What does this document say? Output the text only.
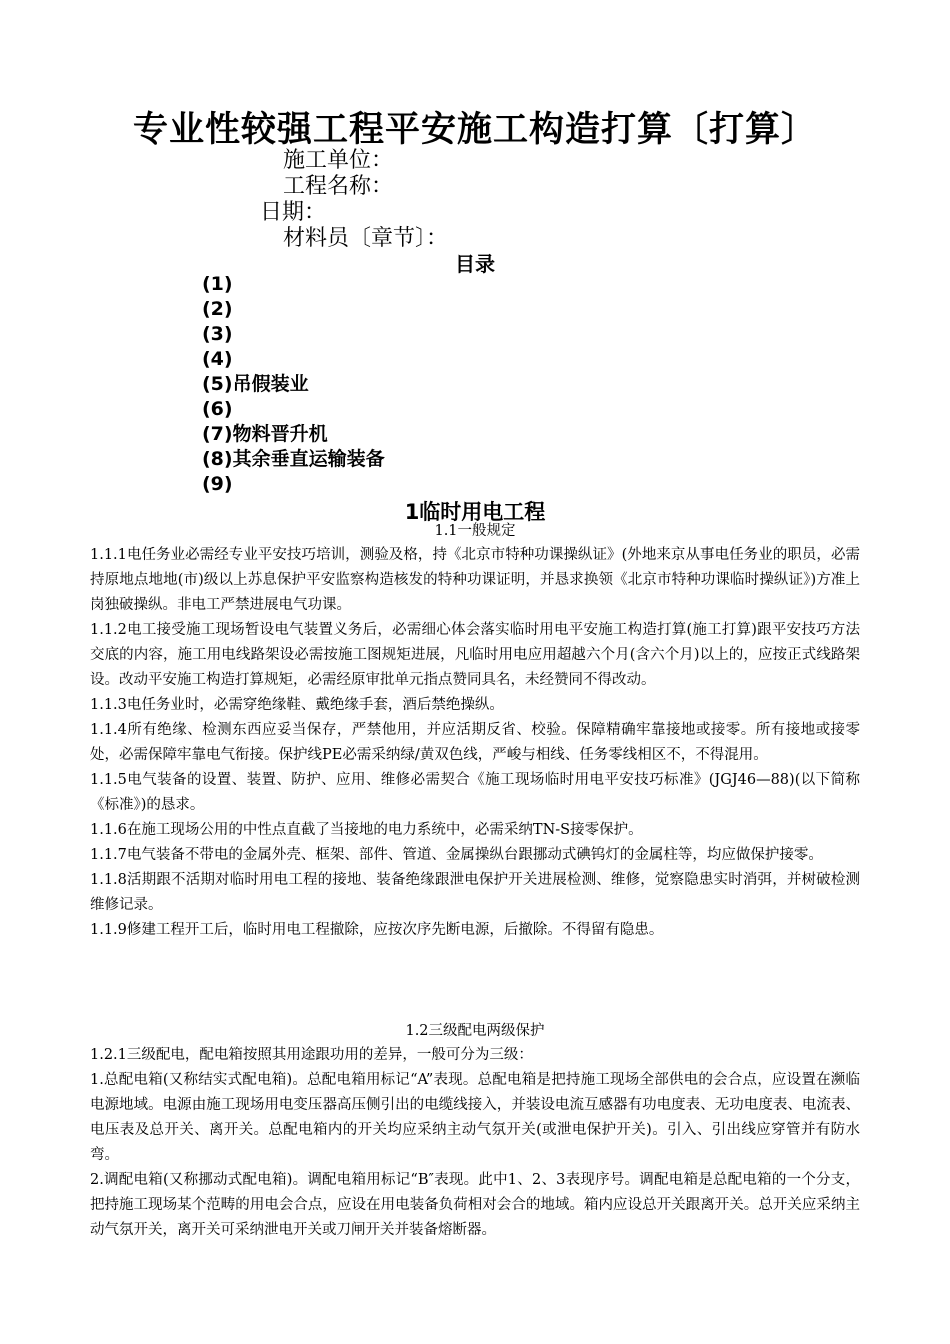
专业性较强工程平安施工构造打算〔打算〕
施工单位：
工程名称：
日期：
材料员〔章节〕：
目录
(1)
(2)
(3)
(4)
(5)吊假装业
(6)
(7)物料晋升机
(8)其余垂直运输装备
(9)
1临时用电工程
1.1一般规定

1.1.1电任务业必需经专业平安技巧培训，测验及格，持《北京市特种功课操纵证》(外地来京从事电任务业的职员，必需持原地点地地(市)级以上苏息保护平安监察构造核发的特种功课证明，并恳求换领《北京市特种功课临时操纵证》)方准上岗独破操纵。非电工严禁进展电气功课。

1.1.2电工接受施工现场暂设电气装置义务后，必需细心体会落实临时用电平安施工构造打算(施工打算)跟平安技巧方法交底的内容，施工用电线路架设必需按施工图规矩进展，凡临时用电应用超越六个月(含六个月)以上的，应按正式线路架设。改动平安施工构造打算规矩，必需经原审批单元指点赞同具名，未经赞同不得改动。

1.1.3电任务业时，必需穿绝缘鞋、戴绝缘手套，酒后禁绝操纵。

1.1.4所有绝缘、检测东西应妥当保存，严禁他用，并应活期反省、校验。保障精确牢靠接地或接零。所有接地或接零处，必需保障牢靠电气衔接。保护线PE必需采纳绿/黄双色线，严峻与相线、任务零线相区不，不得混用。

1.1.5电气装备的设置、装置、防护、应用、维修必需契合《施工现场临时用电平安技巧标准》(JGJ46—88)(以下简称《标准》)的恳求。

1.1.6在施工现场公用的中性点直截了当接地的电力系统中，必需采纳TN-S接零保护。

1.1.7电气装备不带电的金属外壳、框架、部件、管道、金属操纵台跟挪动式碘钨灯的金属柱等，均应做保护接零。

1.1.8活期跟不活期对临时用电工程的接地、装备绝缘跟泄电保护开关进展检测、维修，觉察隐患实时消弭，并树破检测维修记录。

1.1.9修建工程开工后，临时用电工程撤除，应按次序先断电源，后撤除。不得留有隐患。

1.2三级配电两级保护

1.2.1三级配电，配电箱按照其用途跟功用的差异，一般可分为三级：

1.总配电箱(又称结实式配电箱)。总配电箱用标记“A”表现。总配电箱是把持施工现场全部供电的会合点，应设置在濒临电源地域。电源由施工现场用电变压器高压侧引出的电缆线接入，并装设电流互感器有功电度表、无功电度表、电流表、电压表及总开关、离开关。总配电箱内的开关均应采纳主动气氛开关(或泄电保护开关)。引入、引出线应穿管并有防水弯。

2.调配电箱(又称挪动式配电箱)。调配电箱用标记“B″表现。此中1、2、3表现序号。调配电箱是总配电箱的一个分支，把持施工现场某个范畴的用电会合点，应设在用电装备负荷相对会合的地域。箱内应设总开关跟离开关。总开关应采纳主动气氛开关，离开关可采纳泄电开关或刀闸开关并装备熔断器。
